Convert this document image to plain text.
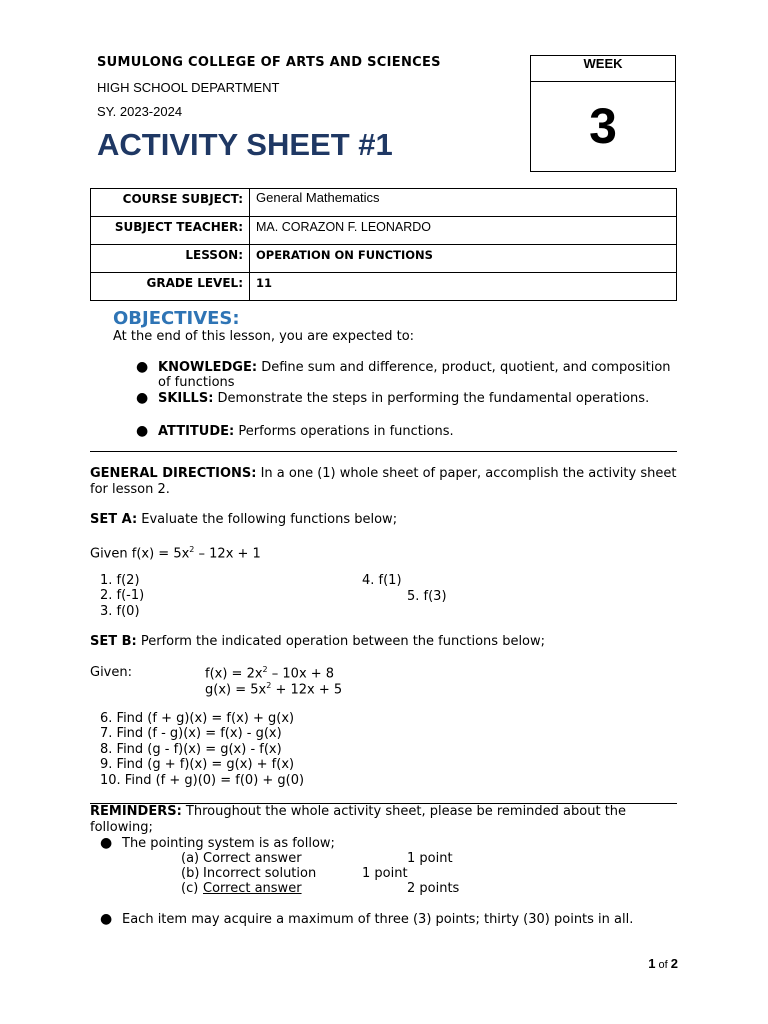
SUMULONG COLLEGE OF ARTS AND SCIENCES
HIGH SCHOOL DEPARTMENT
SY. 2023-2024
ACTIVITY SHEET #1
WEEK
3
COURSE SUBJECT:	General Mathematics
SUBJECT TEACHER:	MA. CORAZON F. LEONARDO
LESSON:	OPERATION ON FUNCTIONS
GRADE LEVEL:	11
OBJECTIVES:
At the end of this lesson, you are expected to:
● KNOWLEDGE: Define sum and difference, product, quotient, and composition of functions
● SKILLS: Demonstrate the steps in performing the fundamental operations.
● ATTITUDE: Performs operations in functions.
GENERAL DIRECTIONS: In a one (1) whole sheet of paper, accomplish the activity sheet for lesson 2.
SET A: Evaluate the following functions below;
Given $f(x) = 5x^2 - 12x + 1$
1. f(2)
2. f(-1)
3. f(0)
4. f(1)
5. f(3)
SET B: Perform the indicated operation between the functions below;
Given:	$f(x) = 2x^2 - 10x + 8$
$g(x) = 5x^2 + 12x + 5$
6. Find (f + g)(x) = f(x) + g(x)
7. Find (f - g)(x) = f(x) - g(x)
8. Find (g - f)(x) = g(x) - f(x)
9. Find (g + f)(x) = g(x) + f(x)
10. Find (f + g)(0) = f(0) + g(0)
REMINDERS: Throughout the whole activity sheet, please be reminded about the following;
● The pointing system is as follow;
(a) Correct answer	1 point
(b) Incorrect solution	1 point
(c) Correct answer	2 points
● Each item may acquire a maximum of three (3) points; thirty (30) points in all.
1 of 2
